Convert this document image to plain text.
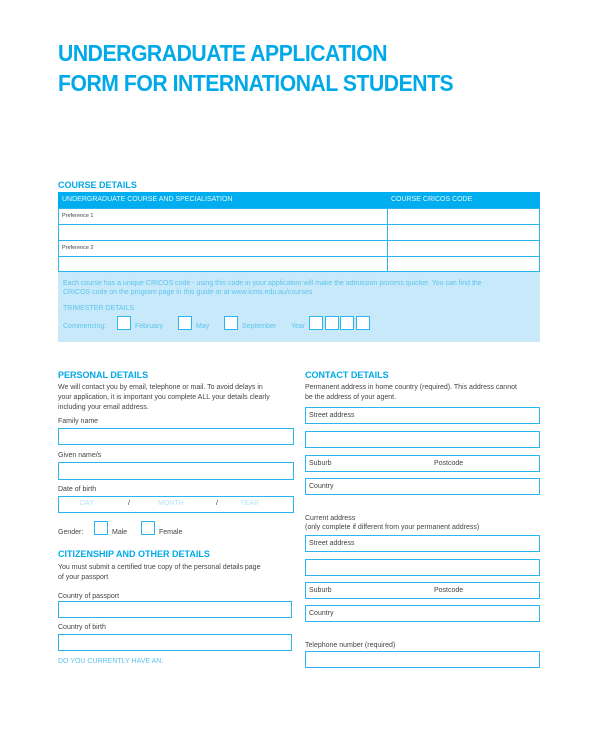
UNDERGRADUATE APPLICATION
FORM FOR INTERNATIONAL STUDENTS
COURSE DETAILS
UNDERGRADUATE COURSE AND SPECIALISATION	COURSE CRICOS CODE
Preference 1
Preference 2
Each course has a unique CRICOS code - using this code in your application will make the admission process quicker. You can find the
CRICOS code on the program page in this guide or at www.icms.edu.au/courses
TRIMESTER DETAILS
Commencing:	February	May	September Year
PERSONAL DETAILS
We will contact you by email, telephone or mail. To avoid delays in
your application, it is important you complete ALL your details clearly
including your email address.
Family name
Given name/s
Date of birth
DAY	/	MONTH	/	YEAR
Gender:	Male	Female
CITIZENSHIP AND OTHER DETAILS
You must submit a certified true copy of the personal details page
of your passport
Country of passport
Country of birth
DO YOU CURRENTLY HAVE AN:
CONTACT DETAILS
Permanent address in home country (required). This address cannot
be the address of your agent.
Street address
Suburb	Postcode
Country
Current address
(only complete if different from your permanent address)
Street address
Suburb	Postcode
Country
Telephone number (required)
